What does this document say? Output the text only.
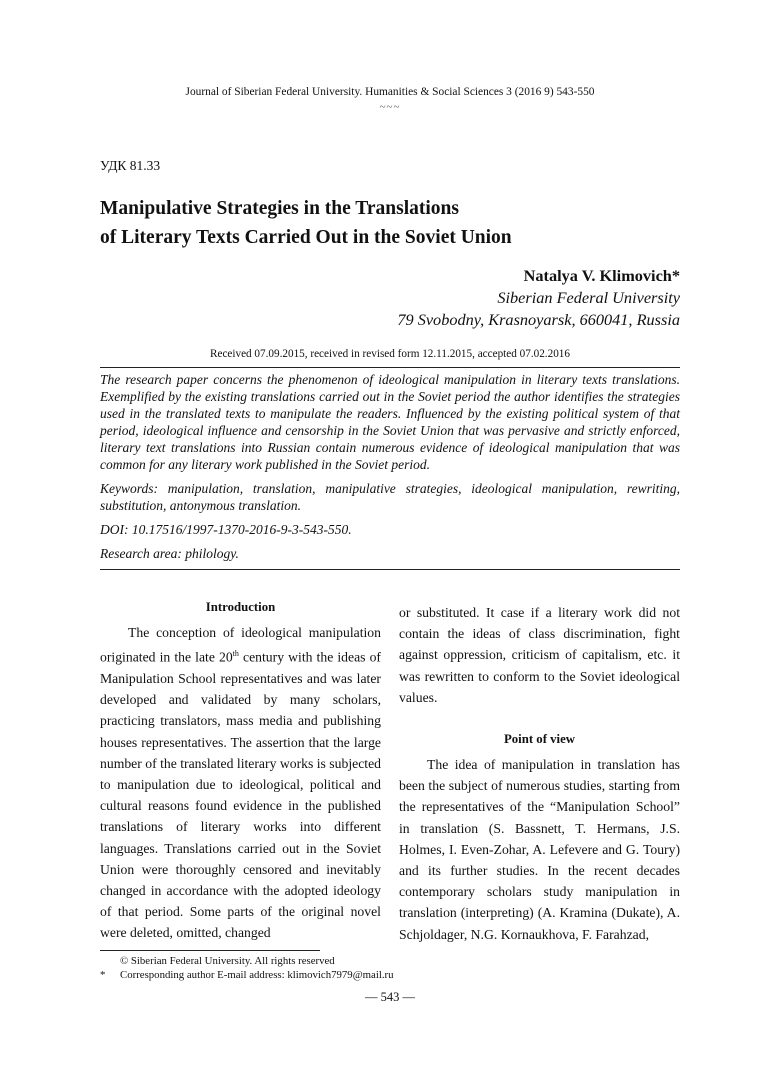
Journal of Siberian Federal University. Humanities & Social Sciences 3 (2016 9) 543-550
~~~
УДК 81.33
Manipulative Strategies in the Translations
of Literary Texts Carried Out in the Soviet Union
Natalya V. Klimovich*
Siberian Federal University
79 Svobodny, Krasnoyarsk, 660041, Russia
Received 07.09.2015, received in revised form 12.11.2015, accepted 07.02.2016

The research paper concerns the phenomenon of ideological manipulation in literary texts translations. Exemplified by the existing translations carried out in the Soviet period the author identifies the strategies used in the translated texts to manipulate the readers. Influenced by the existing political system of that period, ideological influence and censorship in the Soviet Union that was pervasive and strictly enforced, literary text translations into Russian contain numerous evidence of ideological manipulation that was common for any literary work published in the Soviet period.

Keywords: manipulation, translation, manipulative strategies, ideological manipulation, rewriting, substitution, antonymous translation.

DOI: 10.17516/1997-1370-2016-9-3-543-550.

Research area: philology.

Introduction

The conception of ideological manipulation originated in the late 20th century with the ideas of Manipulation School representatives and was later developed and validated by many scholars, practicing translators, mass media and publishing houses representatives. The assertion that the large number of the translated literary works is subjected to manipulation due to ideological, political and cultural reasons found evidence in the published translations of literary works into different languages. Translations carried out in the Soviet Union were thoroughly censored and inevitably changed in accordance with the adopted ideology of that period. Some parts of the original novel were deleted, omitted, changed

or substituted. It case if a literary work did not contain the ideas of class discrimination, fight against oppression, criticism of capitalism, etc. it was rewritten to conform to the Soviet ideological values.

Point of view

The idea of manipulation in translation has been the subject of numerous studies, starting from the representatives of the “Manipulation School” in translation (S. Bassnett, T. Hermans, J.S. Holmes, I. Even-Zohar, A. Lefevere and G. Toury) and its further studies. In the recent decades contemporary scholars study manipulation in translation (interpreting) (A. Kramina (Dukate), A. Schjoldager, N.G. Kornaukhova, F. Farahzad,

© Siberian Federal University. All rights reserved
*	Corresponding author E-mail address: klimovich7979@mail.ru
— 543 —
